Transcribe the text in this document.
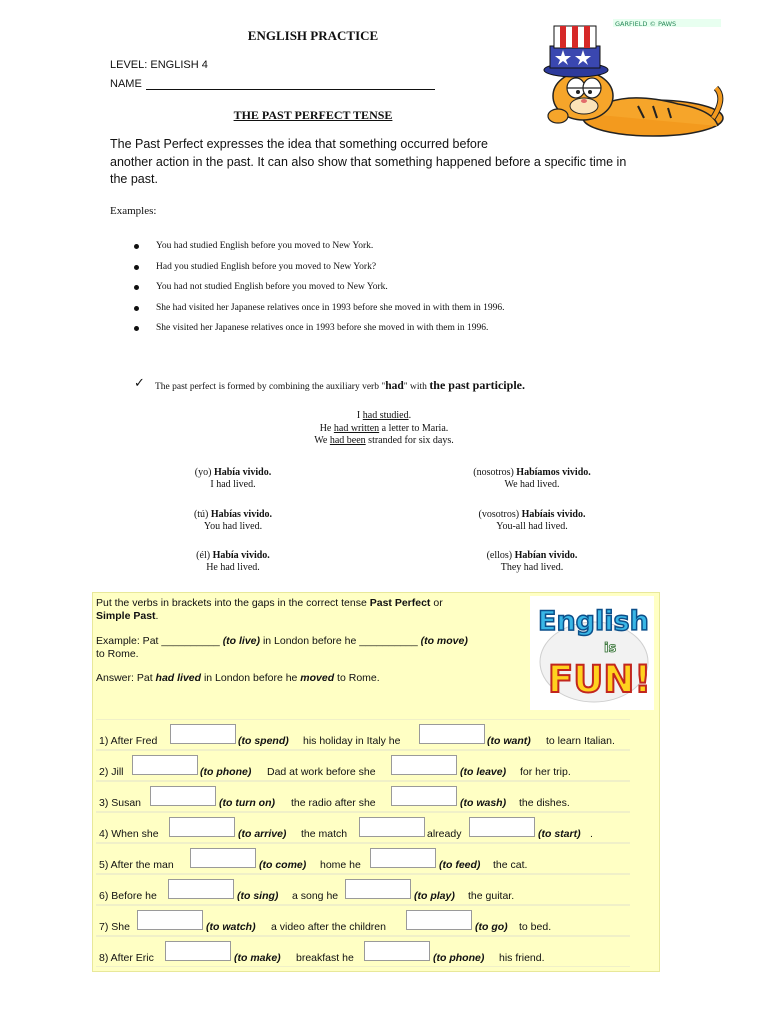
ENGLISH PRACTICE
LEVEL: ENGLISH 4
NAME
GARFIELD © PAWS
THE PAST PERFECT TENSE
The Past Perfect expresses the idea that something occurred before
another action in the past. It can also show that something happened before a specific time in
the past.
Examples:
You had studied English before you moved to New York.
Had you studied English before you moved to New York?
You had not studied English before you moved to New York.
She had visited her Japanese relatives once in 1993 before she moved in with them in 1996.
She visited her Japanese relatives once in 1993 before she moved in with them in 1996.
✓ The past perfect is formed by combining the auxiliary verb "had" with the past participle.
I had studied.
He had written a letter to Maria.
We had been stranded for six days.
(yo) Había vivido.
I had lived.
(nosotros) Habíamos vivido.
We had lived.
(tú) Habías vivido.
You had lived.
(vosotros) Habíais vivido.
You-all had lived.
(él) Había vivido.
He had lived.
(ellos) Habían vivido.
They had lived.
Put the verbs in brackets into the gaps in the correct tense Past Perfect or
Simple Past.
Example: Pat __________ (to live) in London before he __________ (to move)
to Rome.
Answer: Pat had lived in London before he moved to Rome.
English
is
FUN!
1) After Fred	(to spend) his holiday in Italy he	(to want) to learn Italian.
2) Jill	(to phone) Dad at work before she	(to leave) for her trip.
3) Susan	(to turn on) the radio after she	(to wash) the dishes.
4) When she	(to arrive) the match	already	(to start) .
5) After the man	(to come) home he	(to feed) the cat.
6) Before he	(to sing) a song he	(to play) the guitar.
7) She	(to watch) a video after the children	(to go) to bed.
8) After Eric	(to make) breakfast he	(to phone) his friend.
